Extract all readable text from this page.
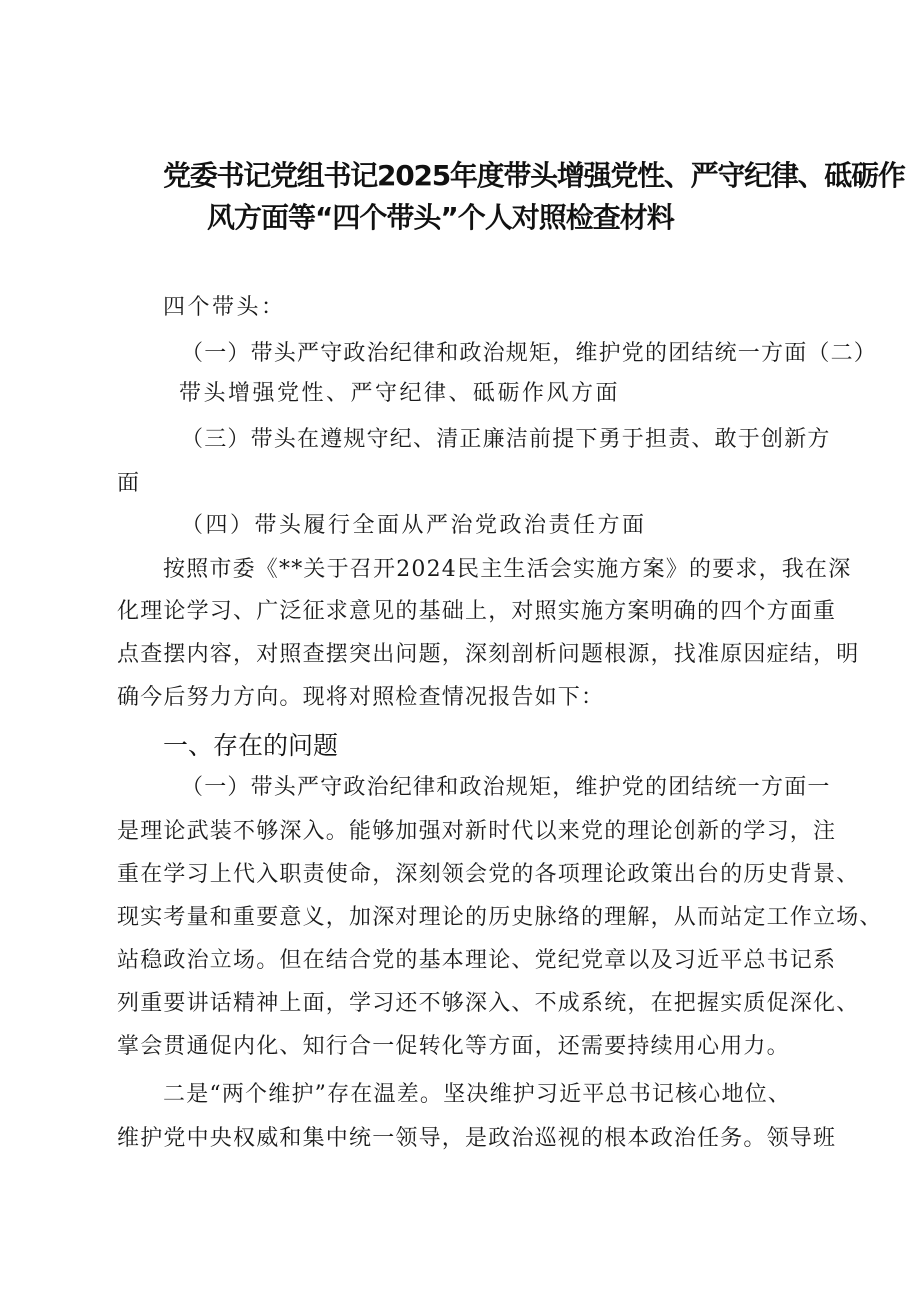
党委书记党组书记2025年度带头增强党性、严守纪律、砥砺作
风方面等“四个带头”个人对照检查材料
四个带头：
（一）带头严守政治纪律和政治规矩，维护党的团结统一方面（二）
带头增强党性、严守纪律、砥砺作风方面
（三）带头在遵规守纪、清正廉洁前提下勇于担责、敢于创新方
面
（四）带头履行全面从严治党政治责任方面
按照市委《**关于召开2024民主生活会实施方案》的要求，我在深
化理论学习、广泛征求意见的基础上，对照实施方案明确的四个方面重
点查摆内容，对照查摆突出问题，深刻剖析问题根源，找准原因症结，明
确今后努力方向。现将对照检查情况报告如下：
一、存在的问题
（一）带头严守政治纪律和政治规矩，维护党的团结统一方面一
是理论武装不够深入。能够加强对新时代以来党的理论创新的学习，注
重在学习上代入职责使命，深刻领会党的各项理论政策出台的历史背景、
现实考量和重要意义，加深对理论的历史脉络的理解，从而站定工作立场、
站稳政治立场。但在结合党的基本理论、党纪党章以及习近平总书记系
列重要讲话精神上面，学习还不够深入、不成系统，在把握实质促深化、
掌会贯通促内化、知行合一促转化等方面，还需要持续用心用力。
二是“两个维护”存在温差。坚决维护习近平总书记核心地位、
维护党中央权威和集中统一领导，是政治巡视的根本政治任务。领导班
